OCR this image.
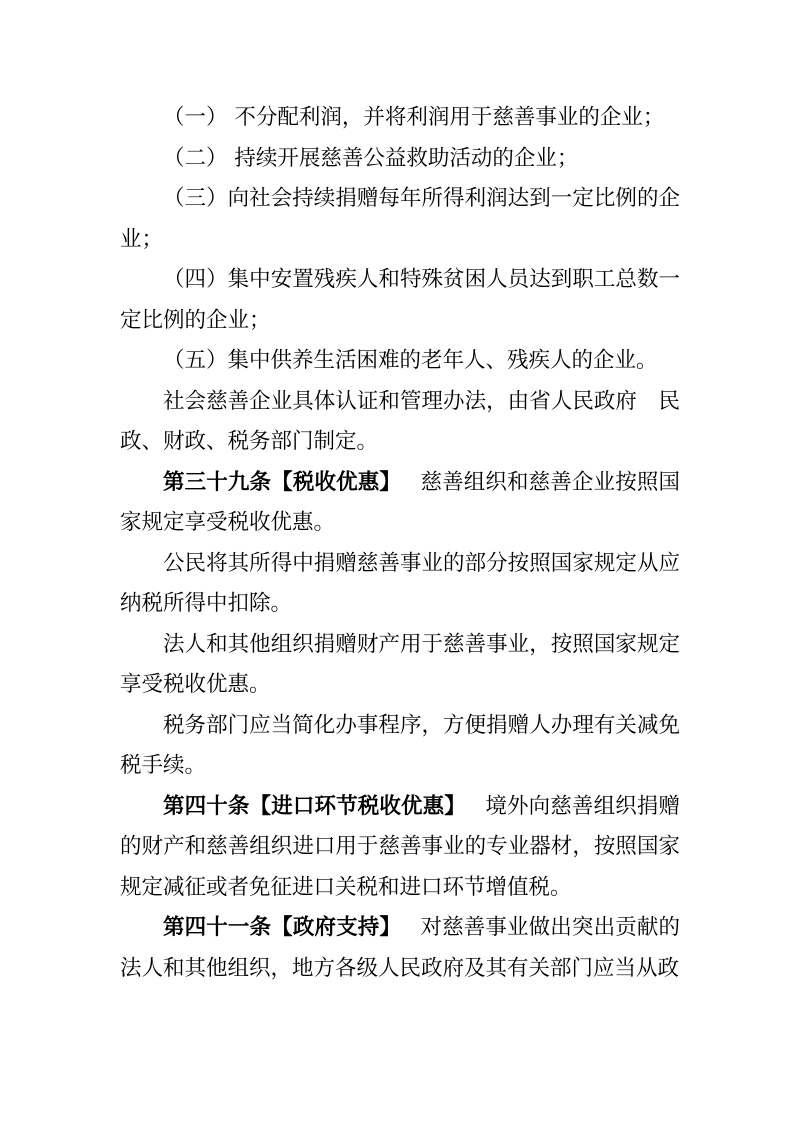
（一） 不分配利润，并将利润用于慈善事业的企业；

（二） 持续开展慈善公益救助活动的企业；

（三）向社会持续捐赠每年所得利润达到一定比例的企业；

（四）集中安置残疾人和特殊贫困人员达到职工总数一定比例的企业；

（五）集中供养生活困难的老年人、残疾人的企业。

社会慈善企业具体认证和管理办法，由省人民政府　民政、财政、税务部门制定。

第三十九条【税收优惠】 慈善组织和慈善企业按照国家规定享受税收优惠。

公民将其所得中捐赠慈善事业的部分按照国家规定从应纳税所得中扣除。

法人和其他组织捐赠财产用于慈善事业，按照国家规定享受税收优惠。

税务部门应当简化办事程序，方便捐赠人办理有关减免税手续。

第四十条【进口环节税收优惠】 境外向慈善组织捐赠的财产和慈善组织进口用于慈善事业的专业器材，按照国家规定减征或者免征进口关税和进口环节增值税。

第四十一条【政府支持】 对慈善事业做出突出贡献的法人和其他组织，地方各级人民政府及其有关部门应当从政
